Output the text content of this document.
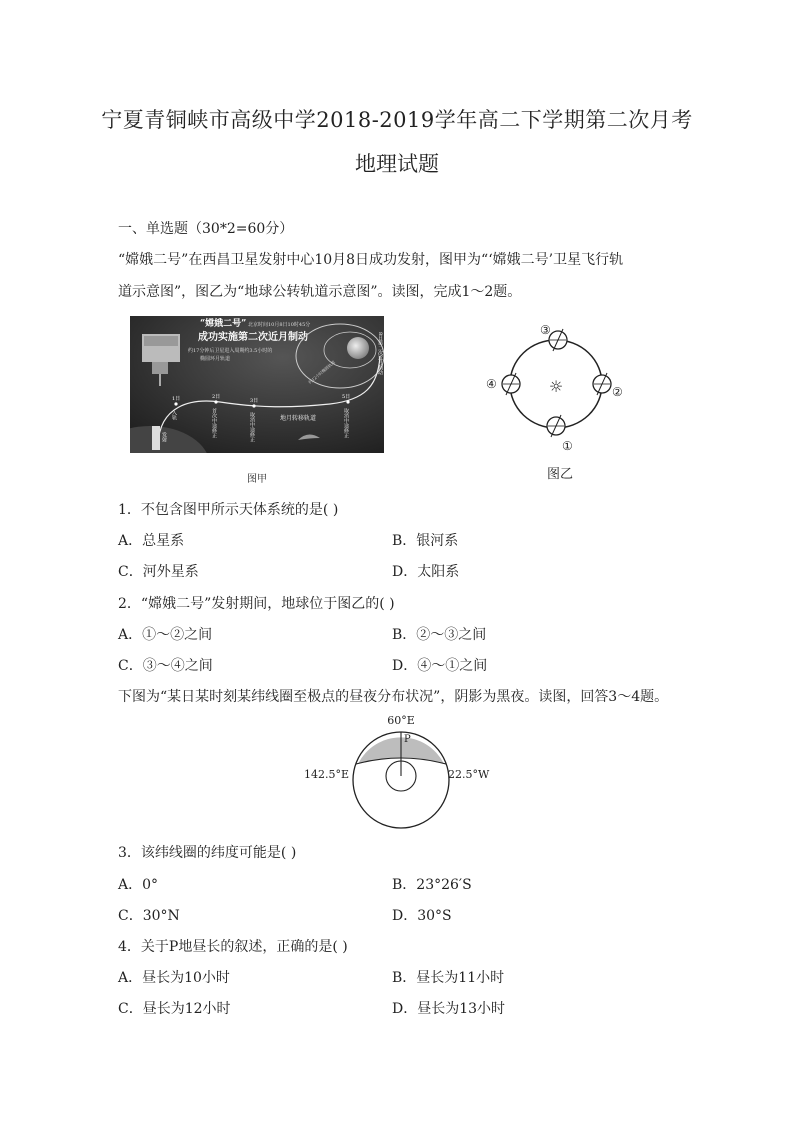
宁夏青铜峡市高级中学2018-2019学年高二下学期第二次月考
地理试题
一、单选题（30*2=60分）
“嫦娥二号”在西昌卫星发射中心10月8日成功发射，图甲为“‘嫦娥二号’卫星飞行轨
道示意图”，图乙为“地球公转轨道示意图”。读图，完成1～2题。
“嫦娥二号” 北京时间10月8日10时45分
成功实施第二次近月制动
约17分钟后卫星进入周期约3.5小时的
椭圆环月轨道
约12小时椭圆轨道	8日第二次近月制动
1日
入轨
2日
首次中途修正
3日
取消中途修正
5日
取消中途修正
地月转移轨道
发射
图甲
☼
③
②
①
④
图乙
1．不包含图甲所示天体系统的是( )
A．总星系	B．银河系
C．河外星系	D．太阳系
2．“嫦娥二号”发射期间，地球位于图乙的( )
A．①～②之间	B．②～③之间
C．③～④之间	D．④～①之间
下图为“某日某时刻某纬线圈至极点的昼夜分布状况”，阴影为黑夜。读图，回答3～4题。
60°E
P
142.5°E	22.5°W
3．该纬线圈的纬度可能是( )
A．0°	B．23°26′S
C．30°N	D．30°S
4．关于P地昼长的叙述，正确的是( )
A．昼长为10小时	B．昼长为11小时
C．昼长为12小时	D．昼长为13小时
